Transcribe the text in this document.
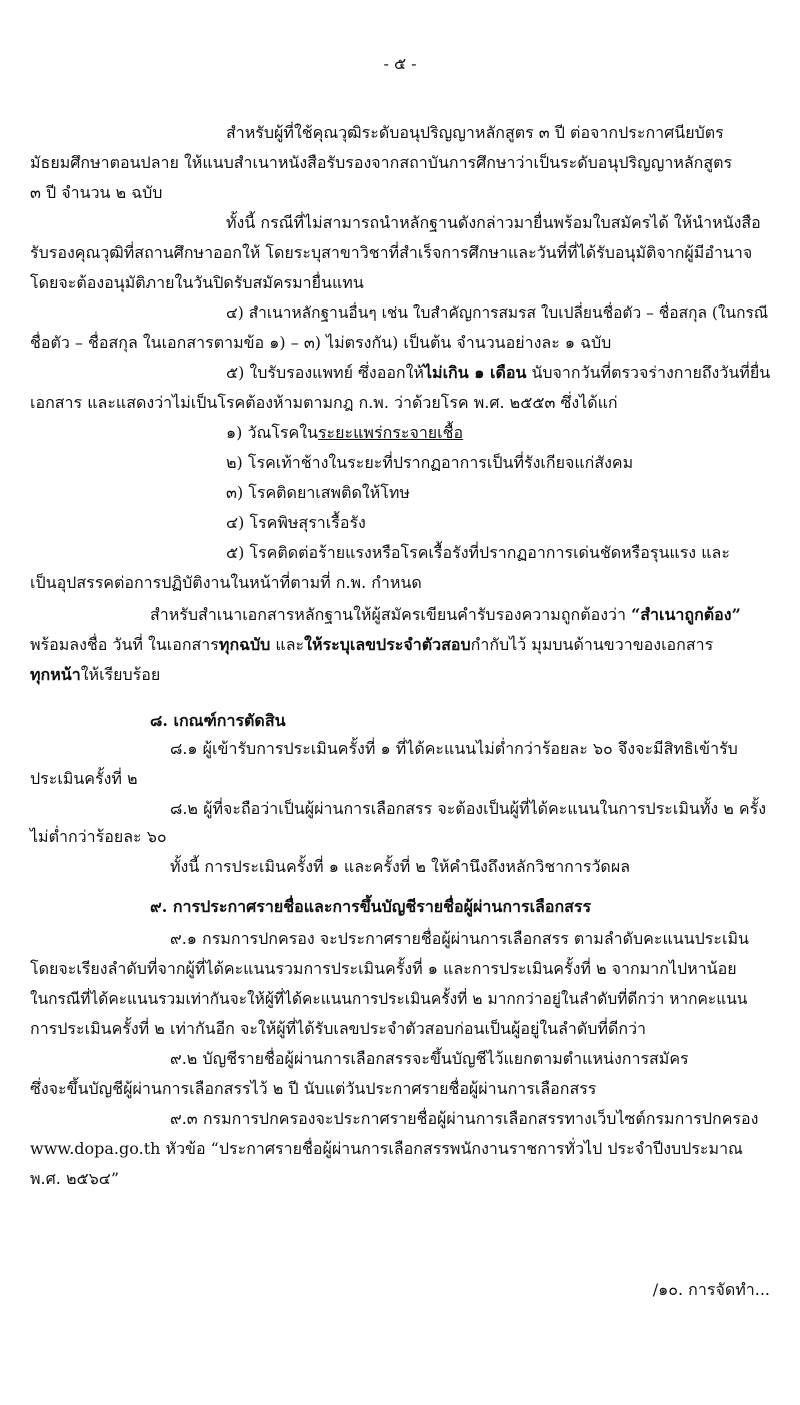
- ๕ -
สำหรับผู้ที่ใช้คุณวุฒิระดับอนุปริญญาหลักสูตร ๓ ปี ต่อจากประกาศนียบัตร
มัธยมศึกษาตอนปลาย ให้แนบสำเนาหนังสือรับรองจากสถาบันการศึกษาว่าเป็นระดับอนุปริญญาหลักสูตร
๓ ปี จำนวน ๒ ฉบับ
ทั้งนี้ กรณีที่ไม่สามารถนำหลักฐานดังกล่าวมายื่นพร้อมใบสมัครได้ ให้นำหนังสือ
รับรองคุณวุฒิที่สถานศึกษาออกให้ โดยระบุสาขาวิชาที่สำเร็จการศึกษาและวันที่ที่ได้รับอนุมัติจากผู้มีอำนาจ
โดยจะต้องอนุมัติภายในวันปิดรับสมัครมายื่นแทน
๔) สำเนาหลักฐานอื่นๆ เช่น ใบสำคัญการสมรส ใบเปลี่ยนชื่อตัว – ชื่อสกุล (ในกรณี
ชื่อตัว – ชื่อสกุล ในเอกสารตามข้อ ๑) – ๓) ไม่ตรงกัน) เป็นต้น จำนวนอย่างละ ๑ ฉบับ
๕) ใบรับรองแพทย์ ซึ่งออกให้ไม่เกิน ๑ เดือน นับจากวันที่ตรวจร่างกายถึงวันที่ยื่น
เอกสาร และแสดงว่าไม่เป็นโรคต้องห้ามตามกฎ ก.พ. ว่าด้วยโรค พ.ศ. ๒๕๕๓ ซึ่งได้แก่
๑) วัณโรคในระยะแพร่กระจายเชื้อ
๒) โรคเท้าช้างในระยะที่ปรากฏอาการเป็นที่รังเกียจแก่สังคม
๓) โรคติดยาเสพติดให้โทษ
๔) โรคพิษสุราเรื้อรัง
๕) โรคติดต่อร้ายแรงหรือโรคเรื้อรังที่ปรากฏอาการเด่นชัดหรือรุนแรง และ
เป็นอุปสรรคต่อการปฏิบัติงานในหน้าที่ตามที่ ก.พ. กำหนด
สำหรับสำเนาเอกสารหลักฐานให้ผู้สมัครเขียนคำรับรองความถูกต้องว่า “สำเนาถูกต้อง”
พร้อมลงชื่อ วันที่ ในเอกสารทุกฉบับ และให้ระบุเลขประจำตัวสอบกำกับไว้ มุมบนด้านขวาของเอกสาร
ทุกหน้าให้เรียบร้อย
๘. เกณฑ์การตัดสิน
๘.๑ ผู้เข้ารับการประเมินครั้งที่ ๑ ที่ได้คะแนนไม่ต่ำกว่าร้อยละ ๖๐ จึงจะมีสิทธิเข้ารับ
ประเมินครั้งที่ ๒
๘.๒ ผู้ที่จะถือว่าเป็นผู้ผ่านการเลือกสรร จะต้องเป็นผู้ที่ได้คะแนนในการประเมินทั้ง ๒ ครั้ง
ไม่ต่ำกว่าร้อยละ ๖๐
ทั้งนี้ การประเมินครั้งที่ ๑ และครั้งที่ ๒ ให้คำนึงถึงหลักวิชาการวัดผล
๙. การประกาศรายชื่อและการขึ้นบัญชีรายชื่อผู้ผ่านการเลือกสรร
๙.๑ กรมการปกครอง จะประกาศรายชื่อผู้ผ่านการเลือกสรร ตามลำดับคะแนนประเมิน
โดยจะเรียงลำดับที่จากผู้ที่ได้คะแนนรวมการประเมินครั้งที่ ๑ และการประเมินครั้งที่ ๒ จากมากไปหาน้อย
ในกรณีที่ได้คะแนนรวมเท่ากันจะให้ผู้ที่ได้คะแนนการประเมินครั้งที่ ๒ มากกว่าอยู่ในลำดับที่ดีกว่า หากคะแนน
การประเมินครั้งที่ ๒ เท่ากันอีก จะให้ผู้ที่ได้รับเลขประจำตัวสอบก่อนเป็นผู้อยู่ในลำดับที่ดีกว่า
๙.๒ บัญชีรายชื่อผู้ผ่านการเลือกสรรจะขึ้นบัญชีไว้แยกตามตำแหน่งการสมัคร
ซึ่งจะขึ้นบัญชีผู้ผ่านการเลือกสรรไว้ ๒ ปี นับแต่วันประกาศรายชื่อผู้ผ่านการเลือกสรร
๙.๓ กรมการปกครองจะประกาศรายชื่อผู้ผ่านการเลือกสรรทางเว็บไซต์กรมการปกครอง
www.dopa.go.th หัวข้อ “ประกาศรายชื่อผู้ผ่านการเลือกสรรพนักงานราชการทั่วไป ประจำปีงบประมาณ
พ.ศ. ๒๕๖๔”
/๑๐. การจัดทำ...
